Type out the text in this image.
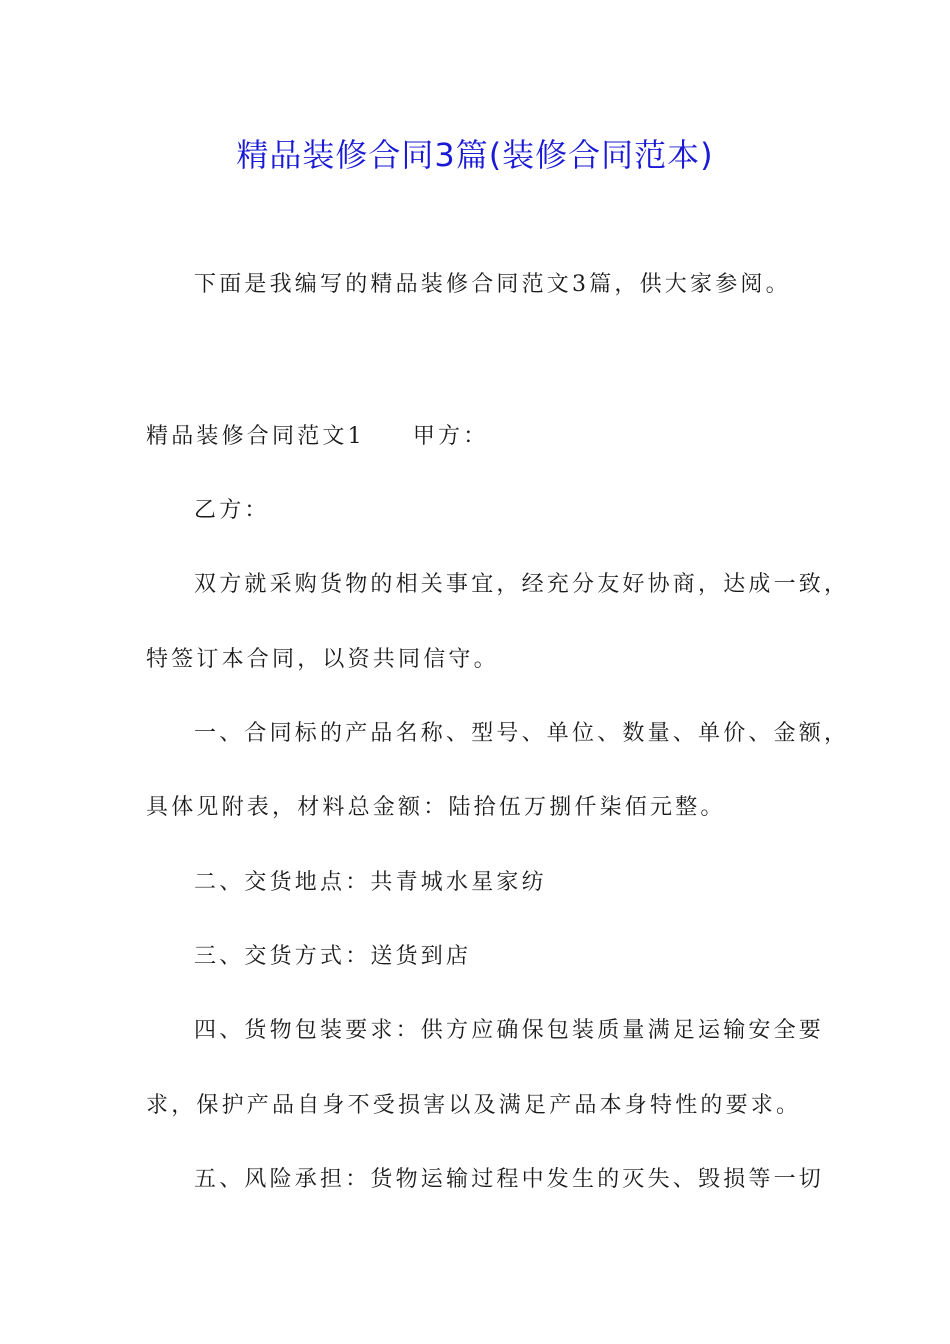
精品装修合同3篇(装修合同范本)
下面是我编写的精品装修合同范文3篇，供大家参阅。
精品装修合同范文1 甲方：
乙方：
双方就采购货物的相关事宜，经充分友好协商，达成一致，
特签订本合同，以资共同信守。
一、合同标的产品名称、型号、单位、数量、单价、金额，
具体见附表，材料总金额：陆拾伍万捌仟柒佰元整。
二、交货地点：共青城水星家纺
三、交货方式：送货到店
四、货物包装要求：供方应确保包装质量满足运输安全要
求，保护产品自身不受损害以及满足产品本身特性的要求。
五、风险承担：货物运输过程中发生的灭失、毁损等一切
